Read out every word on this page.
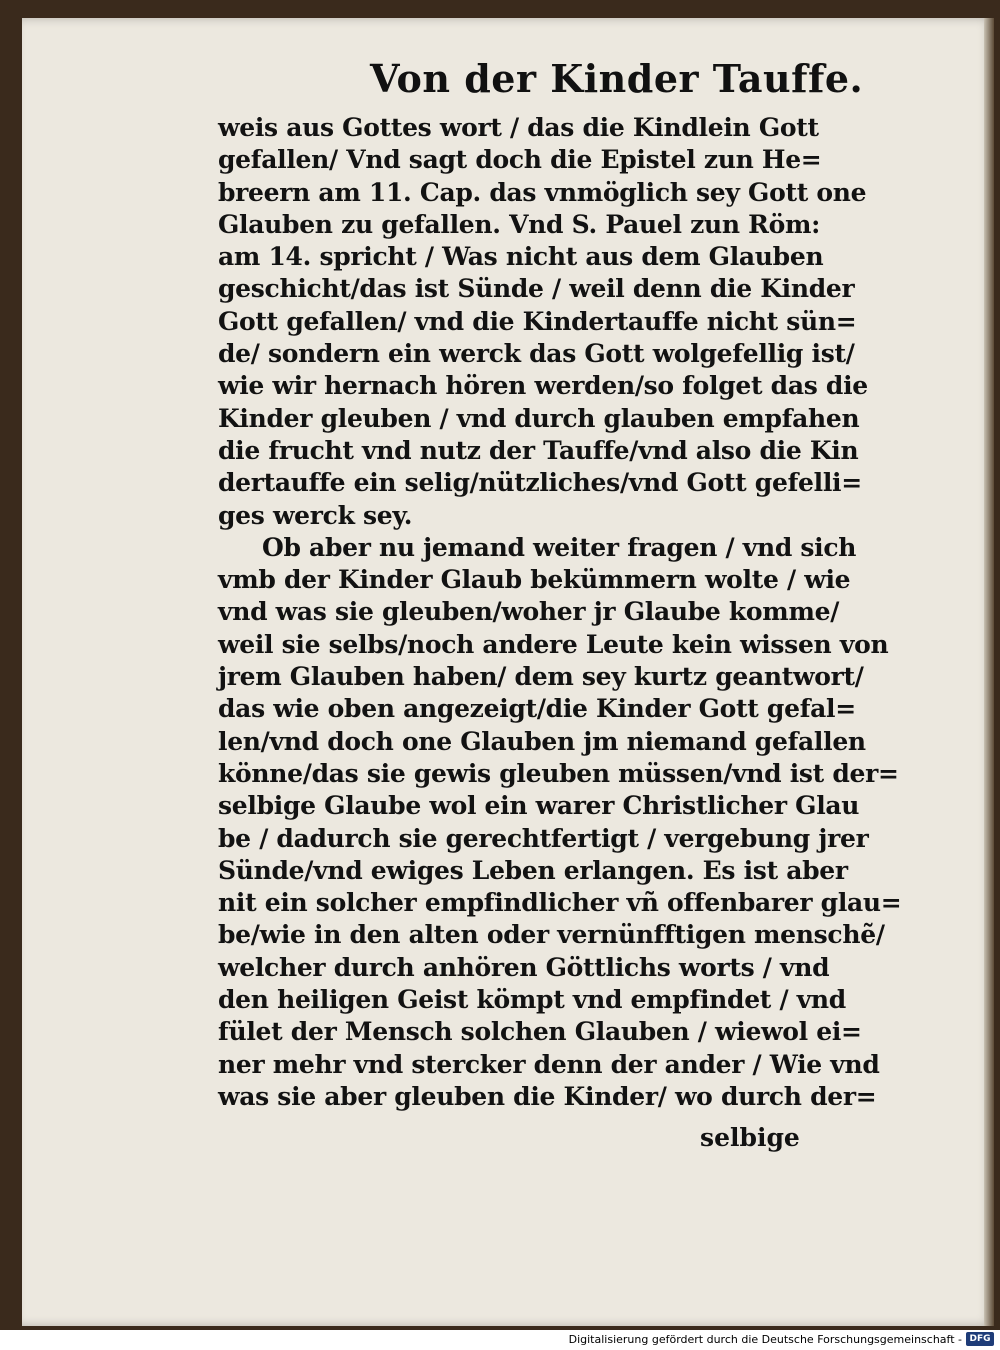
Von der Kinder Tauffe.
weis aus Gottes wort / das die Kindlein Gott
gefallen/ Vnd sagt doch die Epistel zun He=
breern am 11. Cap. das vnmöglich sey Gott one
Glauben zu gefallen. Vnd S. Pauel zun Röm:
am 14. spricht / Was nicht aus dem Glauben
geschicht/das ist Sünde / weil denn die Kinder
Gott gefallen/ vnd die Kindertauffe nicht sün=
de/ sondern ein werck das Gott wolgefellig ist/
wie wir hernach hören werden/so folget das die
Kinder gleuben / vnd durch glauben empfahen
die frucht vnd nutz der Tauffe/vnd also die Kin
dertauffe ein selig/nützliches/vnd Gott gefelli=
ges werck sey.
Ob aber nu jemand weiter fragen / vnd sich
vmb der Kinder Glaub bekümmern wolte / wie
vnd was sie gleuben/woher jr Glaube komme/
weil sie selbs/noch andere Leute kein wissen von
jrem Glauben haben/ dem sey kurtz geantwort/
das wie oben angezeigt/die Kinder Gott gefal=
len/vnd doch one Glauben jm niemand gefallen
könne/das sie gewis gleuben müssen/vnd ist der=
selbige Glaube wol ein warer Christlicher Glau
be / dadurch sie gerechtfertigt / vergebung jrer
Sünde/vnd ewiges Leben erlangen. Es ist aber
nit ein solcher empfindlicher vñ offenbarer glau=
be/wie in den alten oder vernünfftigen menschẽ/
welcher durch anhören Göttlichs worts / vnd
den heiligen Geist kömpt vnd empfindet / vnd
fület der Mensch solchen Glauben / wiewol ei=
ner mehr vnd stercker denn der ander / Wie vnd
was sie aber gleuben die Kinder/ wo durch der=
selbige
Digitalisierung gefördert durch die Deutsche Forschungsgemeinschaft - DFG
